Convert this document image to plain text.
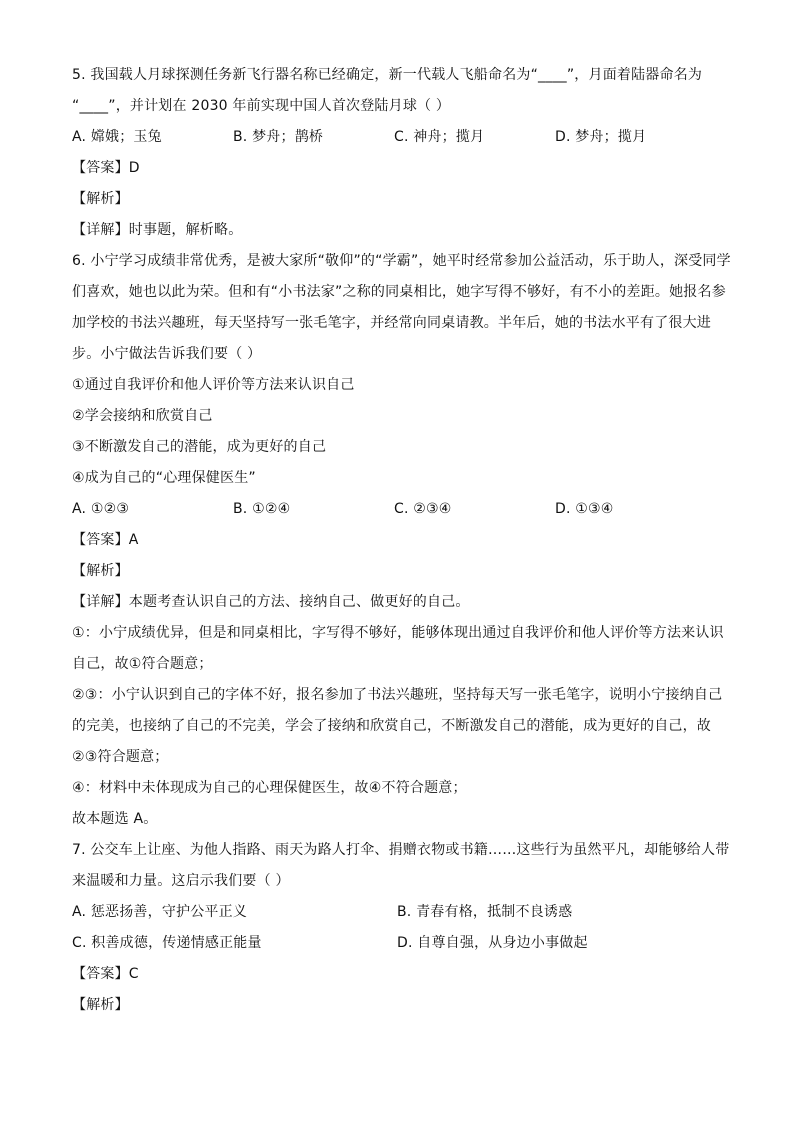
5. 我国载人月球探测任务新飞行器名称已经确定，新一代载人飞船命名为“____”，月面着陆器命名为
“____”，并计划在 2030 年前实现中国人首次登陆月球（ ）
A. 嫦娥；玉兔	B. 梦舟；鹊桥	C. 神舟；揽月	D. 梦舟；揽月
【答案】D
【解析】
【详解】时事题，解析略。
6. 小宁学习成绩非常优秀，是被大家所“敬仰”的“学霸”，她平时经常参加公益活动，乐于助人，深受同学
们喜欢，她也以此为荣。但和有“小书法家”之称的同桌相比，她字写得不够好，有不小的差距。她报名参
加学校的书法兴趣班，每天坚持写一张毛笔字，并经常向同桌请教。半年后，她的书法水平有了很大进
步。小宁做法告诉我们要（ ）
①通过自我评价和他人评价等方法来认识自己
②学会接纳和欣赏自己
③不断激发自己的潜能，成为更好的自己
④成为自己的“心理保健医生”
A. ①②③	B. ①②④	C. ②③④	D. ①③④
【答案】A
【解析】
【详解】本题考查认识自己的方法、接纳自己、做更好的自己。
①：小宁成绩优异，但是和同桌相比，字写得不够好，能够体现出通过自我评价和他人评价等方法来认识
自己，故①符合题意；
②③：小宁认识到自己的字体不好，报名参加了书法兴趣班，坚持每天写一张毛笔字，说明小宁接纳自己
的完美，也接纳了自己的不完美，学会了接纳和欣赏自己，不断激发自己的潜能，成为更好的自己，故
②③符合题意；
④：材料中未体现成为自己的心理保健医生，故④不符合题意；
故本题选 A。
7. 公交车上让座、为他人指路、雨天为路人打伞、捐赠衣物或书籍……这些行为虽然平凡，却能够给人带
来温暖和力量。这启示我们要（ ）
A. 惩恶扬善，守护公平正义	B. 青春有格，抵制不良诱惑
C. 积善成德，传递情感正能量	D. 自尊自强，从身边小事做起
【答案】C
【解析】
